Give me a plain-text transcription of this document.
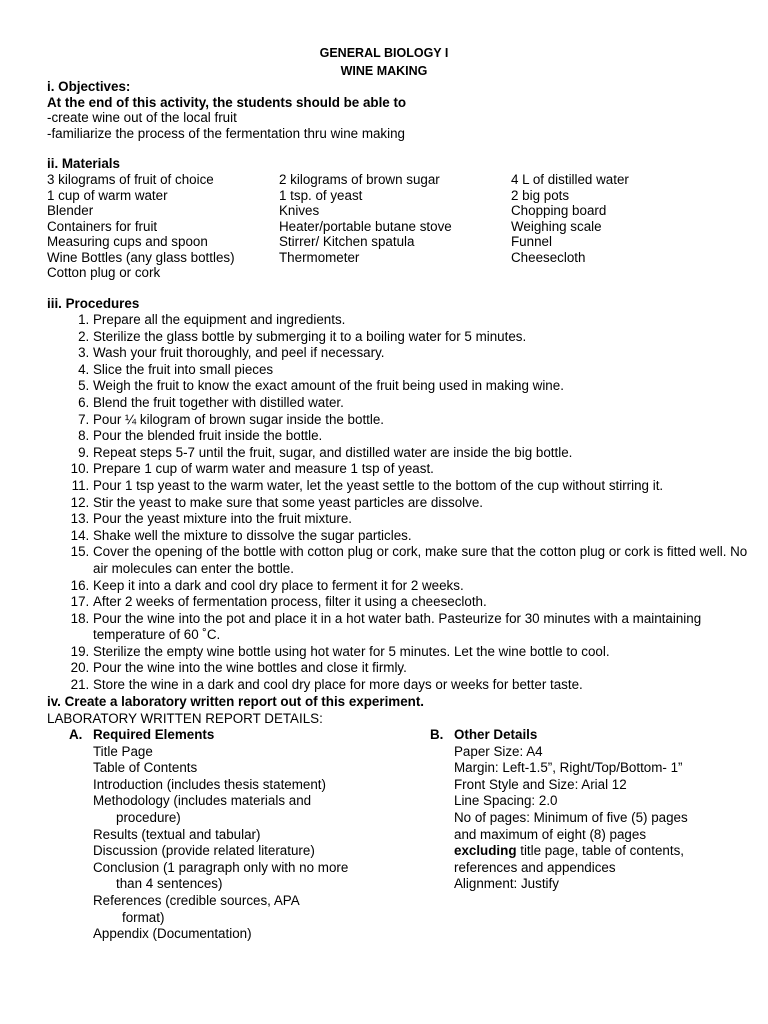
GENERAL BIOLOGY I
WINE MAKING
i. Objectives:
At the end of this activity, the students should be able to
-create wine out of the local fruit
-familiarize the process of the fermentation thru wine making
ii. Materials
3 kilograms of fruit of choice
1 cup of warm water
Blender
Containers for fruit
Measuring cups and spoon
Wine Bottles (any glass bottles)
Cotton plug or cork
2 kilograms of brown sugar
1 tsp. of yeast
Knives
Heater/portable butane stove
Stirrer/ Kitchen spatula
Thermometer
4 L of distilled water
2 big pots
Chopping board
Weighing scale
Funnel
Cheesecloth
iii. Procedures
1. Prepare all the equipment and ingredients.
2. Sterilize the glass bottle by submerging it to a boiling water for 5 minutes.
3. Wash your fruit thoroughly, and peel if necessary.
4. Slice the fruit into small pieces
5. Weigh the fruit to know the exact amount of the fruit being used in making wine.
6. Blend the fruit together with distilled water.
7. Pour ¼ kilogram of brown sugar inside the bottle.
8. Pour the blended fruit inside the bottle.
9. Repeat steps 5-7 until the fruit, sugar, and distilled water are inside the big bottle.
10. Prepare 1 cup of warm water and measure 1 tsp of yeast.
11. Pour 1 tsp yeast to the warm water, let the yeast settle to the bottom of the cup without stirring it.
12. Stir the yeast to make sure that some yeast particles are dissolve.
13. Pour the yeast mixture into the fruit mixture.
14. Shake well the mixture to dissolve the sugar particles.
15. Cover the opening of the bottle with cotton plug or cork, make sure that the cotton plug or cork is fitted well. No air molecules can enter the bottle.
16. Keep it into a dark and cool dry place to ferment it for 2 weeks.
17. After 2 weeks of fermentation process, filter it using a cheesecloth.
18. Pour the wine into the pot and place it in a hot water bath. Pasteurize for 30 minutes with a maintaining temperature of 60 ˚C.
19. Sterilize the empty wine bottle using hot water for 5 minutes. Let the wine bottle to cool.
20. Pour the wine into the wine bottles and close it firmly.
21. Store the wine in a dark and cool dry place for more days or weeks for better taste.
iv. Create a laboratory written report out of this experiment.
LABORATORY WRITTEN REPORT DETAILS:
A. Required Elements
Title Page
Table of Contents
Introduction (includes thesis statement)
Methodology (includes materials and procedure)
Results (textual and tabular)
Discussion (provide related literature)
Conclusion (1 paragraph only with no more than 4 sentences)
References (credible sources, APA format)
Appendix (Documentation)
B. Other Details
Paper Size: A4
Margin: Left-1.5”, Right/Top/Bottom- 1”
Front Style and Size: Arial 12
Line Spacing: 2.0
No of pages: Minimum of five (5) pages and maximum of eight (8) pages excluding title page, table of contents, references and appendices
Alignment: Justify
